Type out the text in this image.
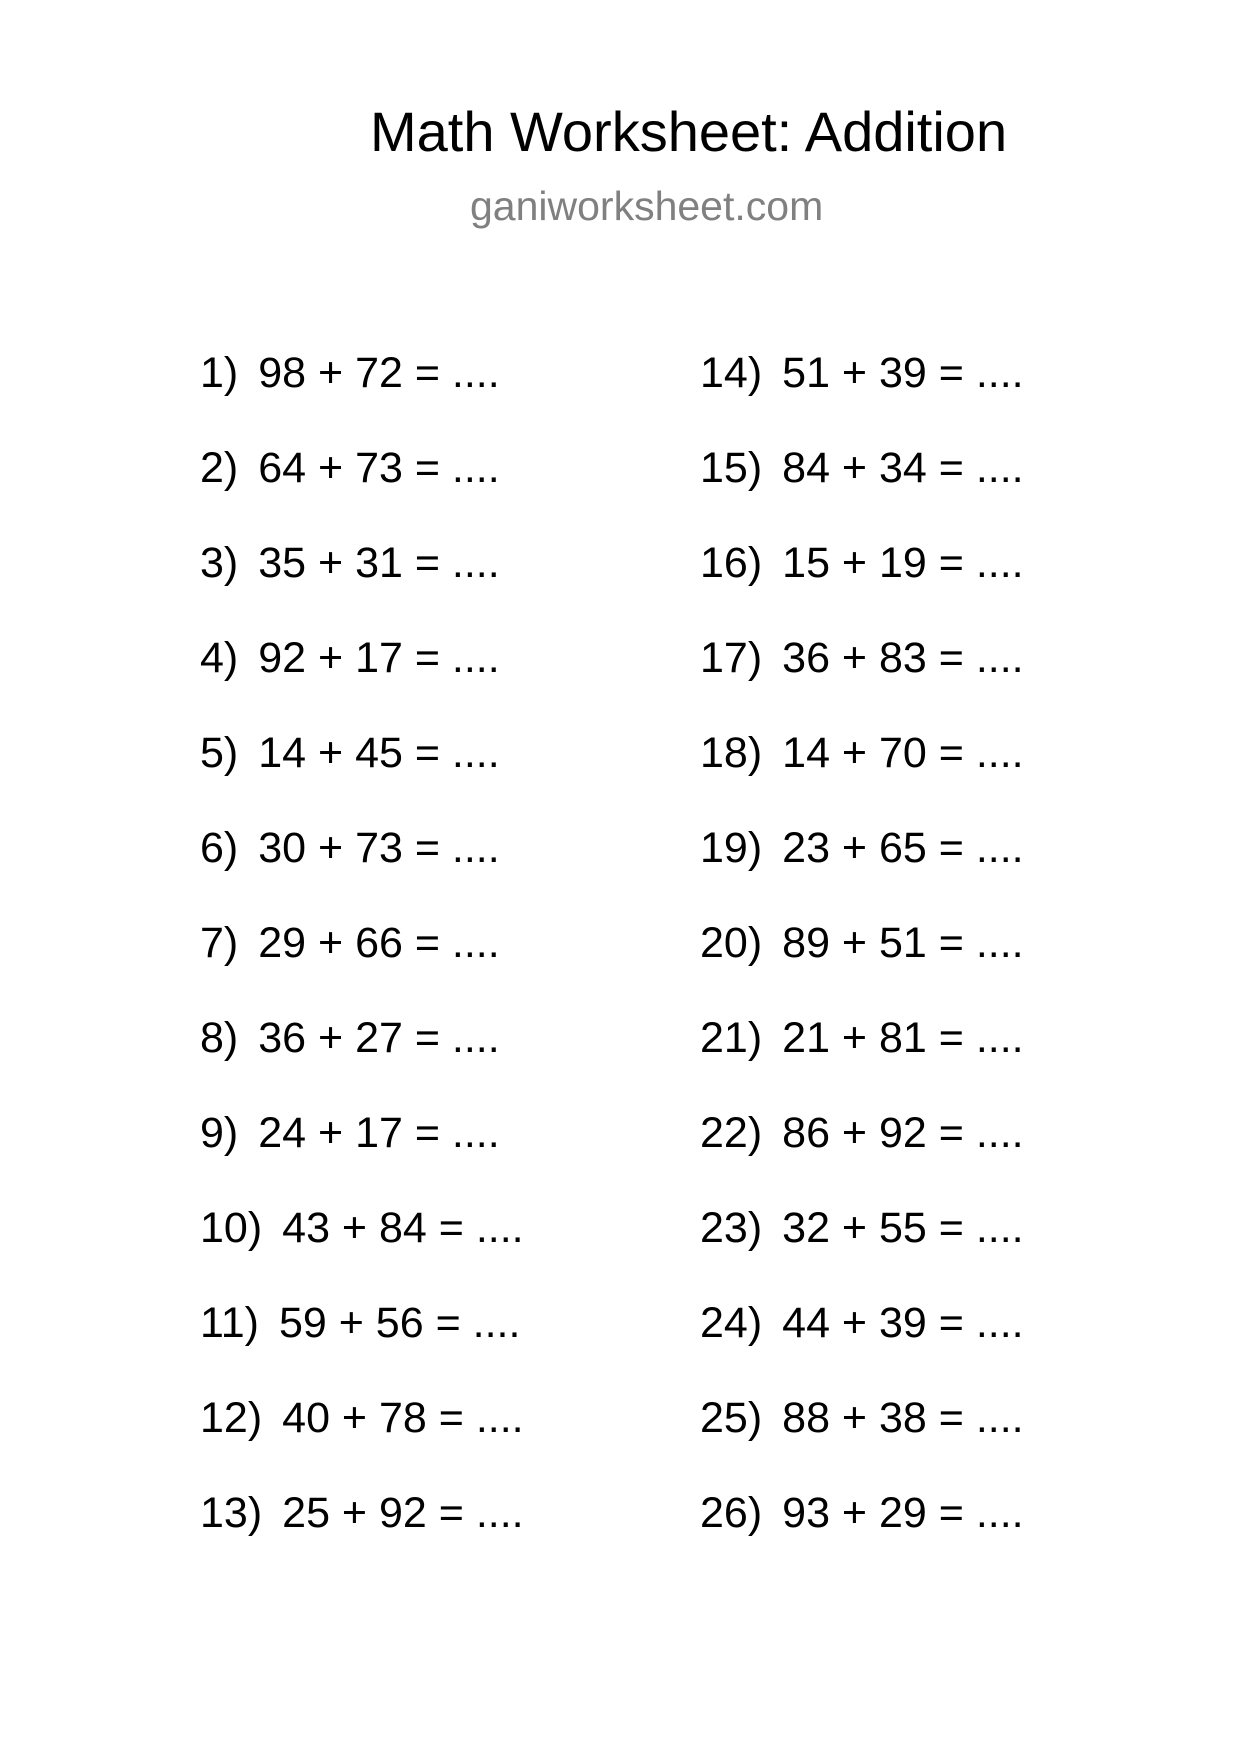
Math Worksheet: Addition
ganiworksheet.com
1) 98 + 72 = ....
2) 64 + 73 = ....
3) 35 + 31 = ....
4) 92 + 17 = ....
5) 14 + 45 = ....
6) 30 + 73 = ....
7) 29 + 66 = ....
8) 36 + 27 = ....
9) 24 + 17 = ....
10) 43 + 84 = ....
11) 59 + 56 = ....
12) 40 + 78 = ....
13) 25 + 92 = ....
14) 51 + 39 = ....
15) 84 + 34 = ....
16) 15 + 19 = ....
17) 36 + 83 = ....
18) 14 + 70 = ....
19) 23 + 65 = ....
20) 89 + 51 = ....
21) 21 + 81 = ....
22) 86 + 92 = ....
23) 32 + 55 = ....
24) 44 + 39 = ....
25) 88 + 38 = ....
26) 93 + 29 = ....
